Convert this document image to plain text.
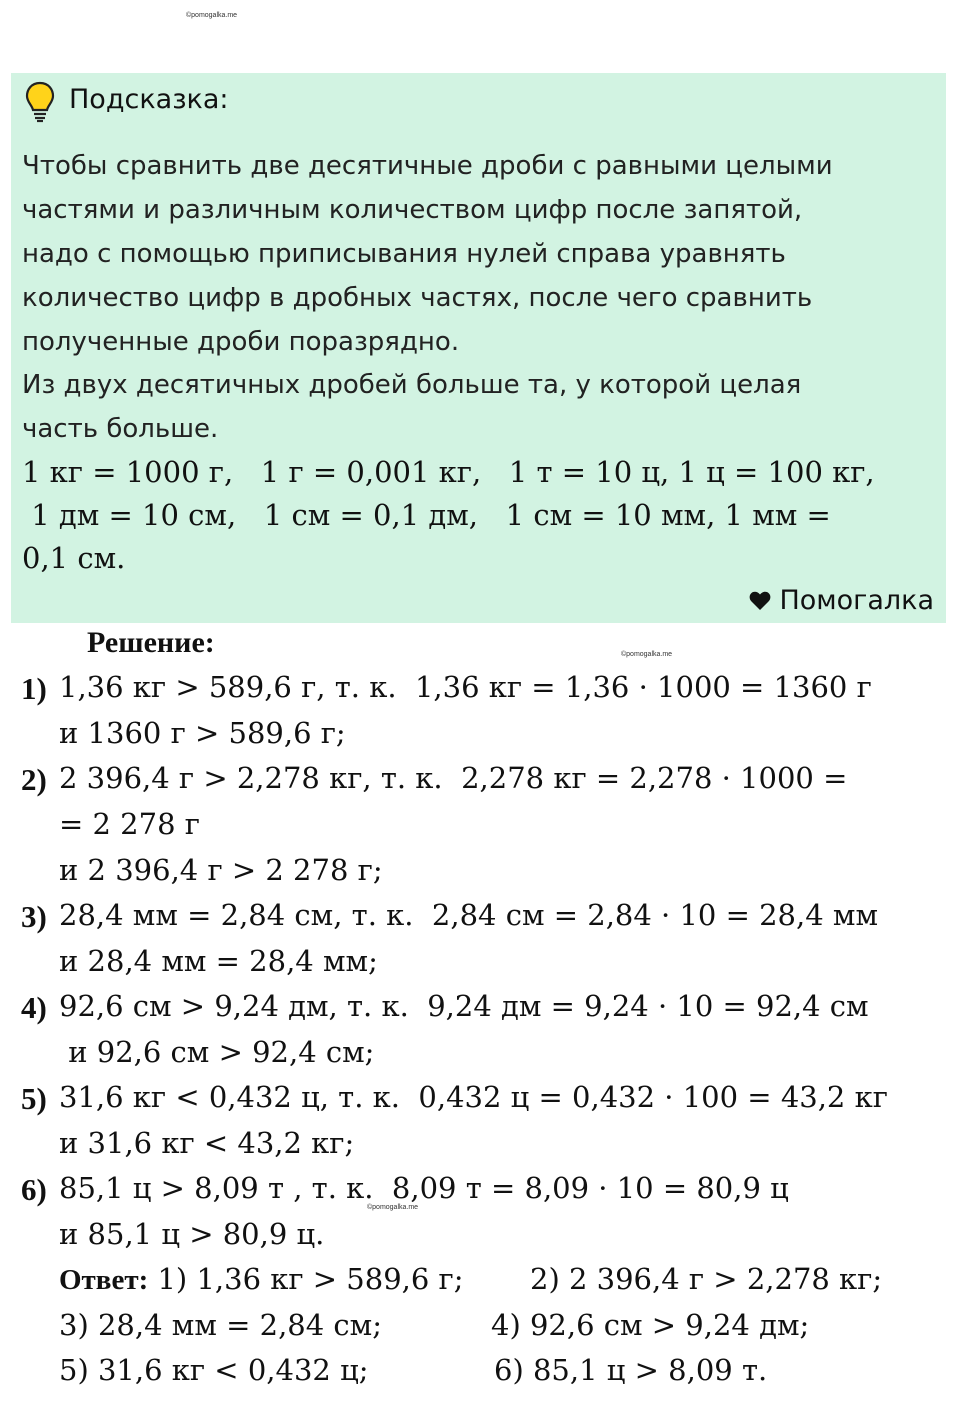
©pomogalka.me
Подсказка:
Чтобы сравнить две десятичные дроби с равными целыми
частями и различным количеством цифр после запятой,
надо с помощью приписывания нулей справа уравнять
количество цифр в дробных частях, после чего сравнить
полученные дроби поразрядно.
Из двух десятичных дробей больше та, у которой целая
часть больше.
1 кг = 1000 г,   1 г = 0,001 кг,   1 т = 10 ц, 1 ц = 100 кг,
1 дм = 10 см,   1 см = 0,1 дм,   1 см = 10 мм, 1 мм =
0,1 см.
Помогалка
Решение:	©pomogalka.me
1) 1,36 кг > 589,6 г, т. к.  1,36 кг = 1,36 · 1000 = 1360 г
и 1360 г > 589,6 г;
2) 2 396,4 г > 2,278 кг, т. к.  2,278 кг = 2,278 · 1000 =
= 2 278 г
и 2 396,4 г > 2 278 г;
3) 28,4 мм = 2,84 см, т. к.  2,84 см = 2,84 · 10 = 28,4 мм
и 28,4 мм = 28,4 мм;
4) 92,6 см > 9,24 дм, т. к.  9,24 дм = 9,24 · 10 = 92,4 см
и 92,6 см > 92,4 см;
5) 31,6 кг < 0,432 ц, т. к.  0,432 ц = 0,432 · 100 = 43,2 кг
и 31,6 кг < 43,2 кг;
6) 85,1 ц > 8,09 т , т. к.  8,09 т = 8,09 · 10 = 80,9 ц
©pomogalka.me
и 85,1 ц > 80,9 ц.
Ответ: 1) 1,36 кг > 589,6 г; 2) 2 396,4 г > 2,278 кг;
3) 28,4 мм = 2,84 см;	4) 92,6 см > 9,24 дм;
5) 31,6 кг < 0,432 ц;	6) 85,1 ц > 8,09 т.
